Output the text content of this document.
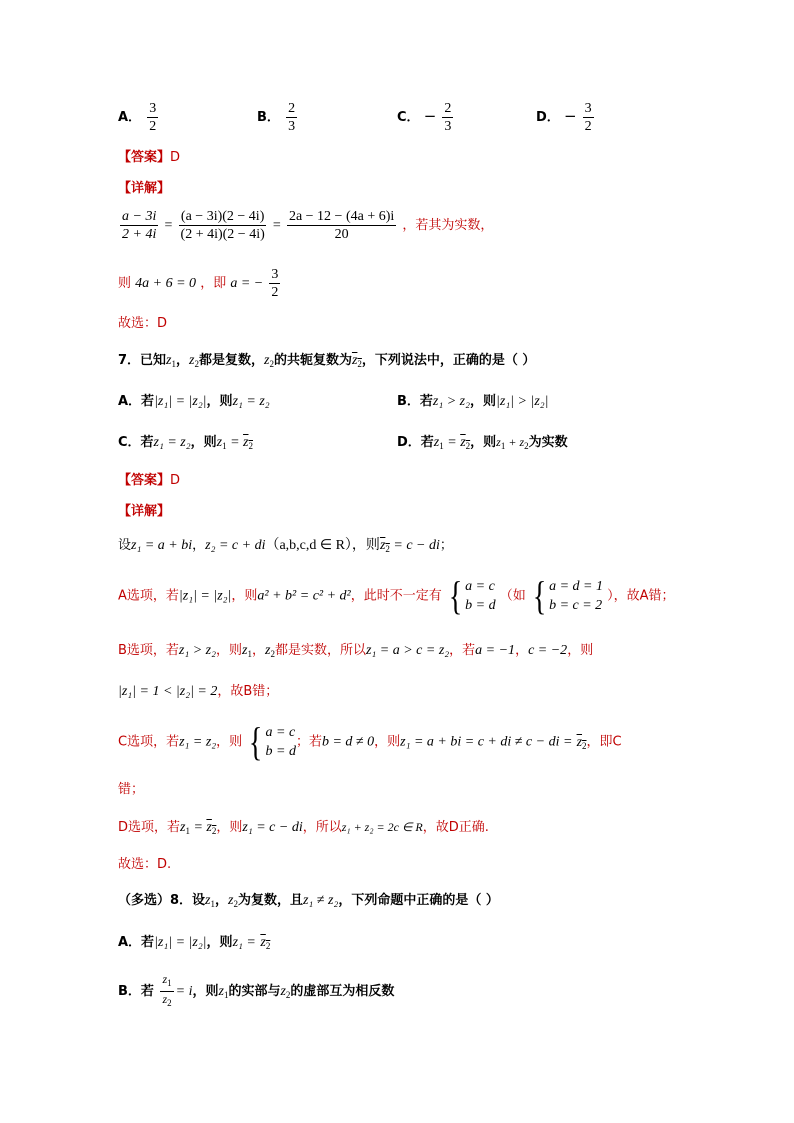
A． $\frac{3}{2}$	B． $\frac{2}{3}$	C． − $\frac{2}{3}$	D． − $\frac{3}{2}$
【答案】D
【详解】
$\frac{a - 3i}{2 + 4i} = \frac{(a - 3i)(2 - 4i)}{(2 + 4i)(2 - 4i)} = \frac{2a - 12 - (4a + 6)i}{20}$ ，若其为实数，
则 4a + 6 = 0 ，即 a = − $\frac{3}{2}$
故选：D
7．已知$z_1$，$z_2$都是复数，$z_2$的共轭复数为$z_2$，下列说法中，正确的是（ ）
A．若|z₁| = |z₂|，则z₁ = z₂	B．若z₁ > z₂，则|z₁| > |z₂|
C．若z₁ = z₂，则$z_1 = z_2$	D．若$z_1 = z_2$，则$z_1 + z_2$为实数
【答案】D
【详解】
设z₁ = a + bi，z₂ = c + di（a,b,c,d ∈ R），则$z_2 = c$ − di；
A选项，若|z₁| = |z₂|，则a² + b² = c² + d²，此时不一定有 { a = c
b = d
（如 { a = d = 1
b = c = 2
），故A错；
B选项，若z₁ > z₂，则$z_1$，$z_2$都是实数，所以z₁ = a > c = z₂，若a = −1，c = −2，则
|z₁| = 1 < |z₂| = 2，故B错；
C选项，若z₁ = z₂，则 { a = c
b = d
；若b = d ≠ 0，则z₁ = a + bi = c + di ≠ c − di = $z_2$，即C
错；
D选项，若$z_1 = z_2$，则z₁ = c − di，所以z₁ + z₂ = 2c ∈ R，故D正确.
故选：D.
（多选）8．设$z_1$，$z_2$为复数，且z₁ ≠ z₂，下列命题中正确的是（ ）
A．若|z₁| = |z₂|，则$z_1 = z_2$
B．若 $\frac{z_1}{z_2} = i$，则$z_1$的实部与$z_2$的虚部互为相反数
